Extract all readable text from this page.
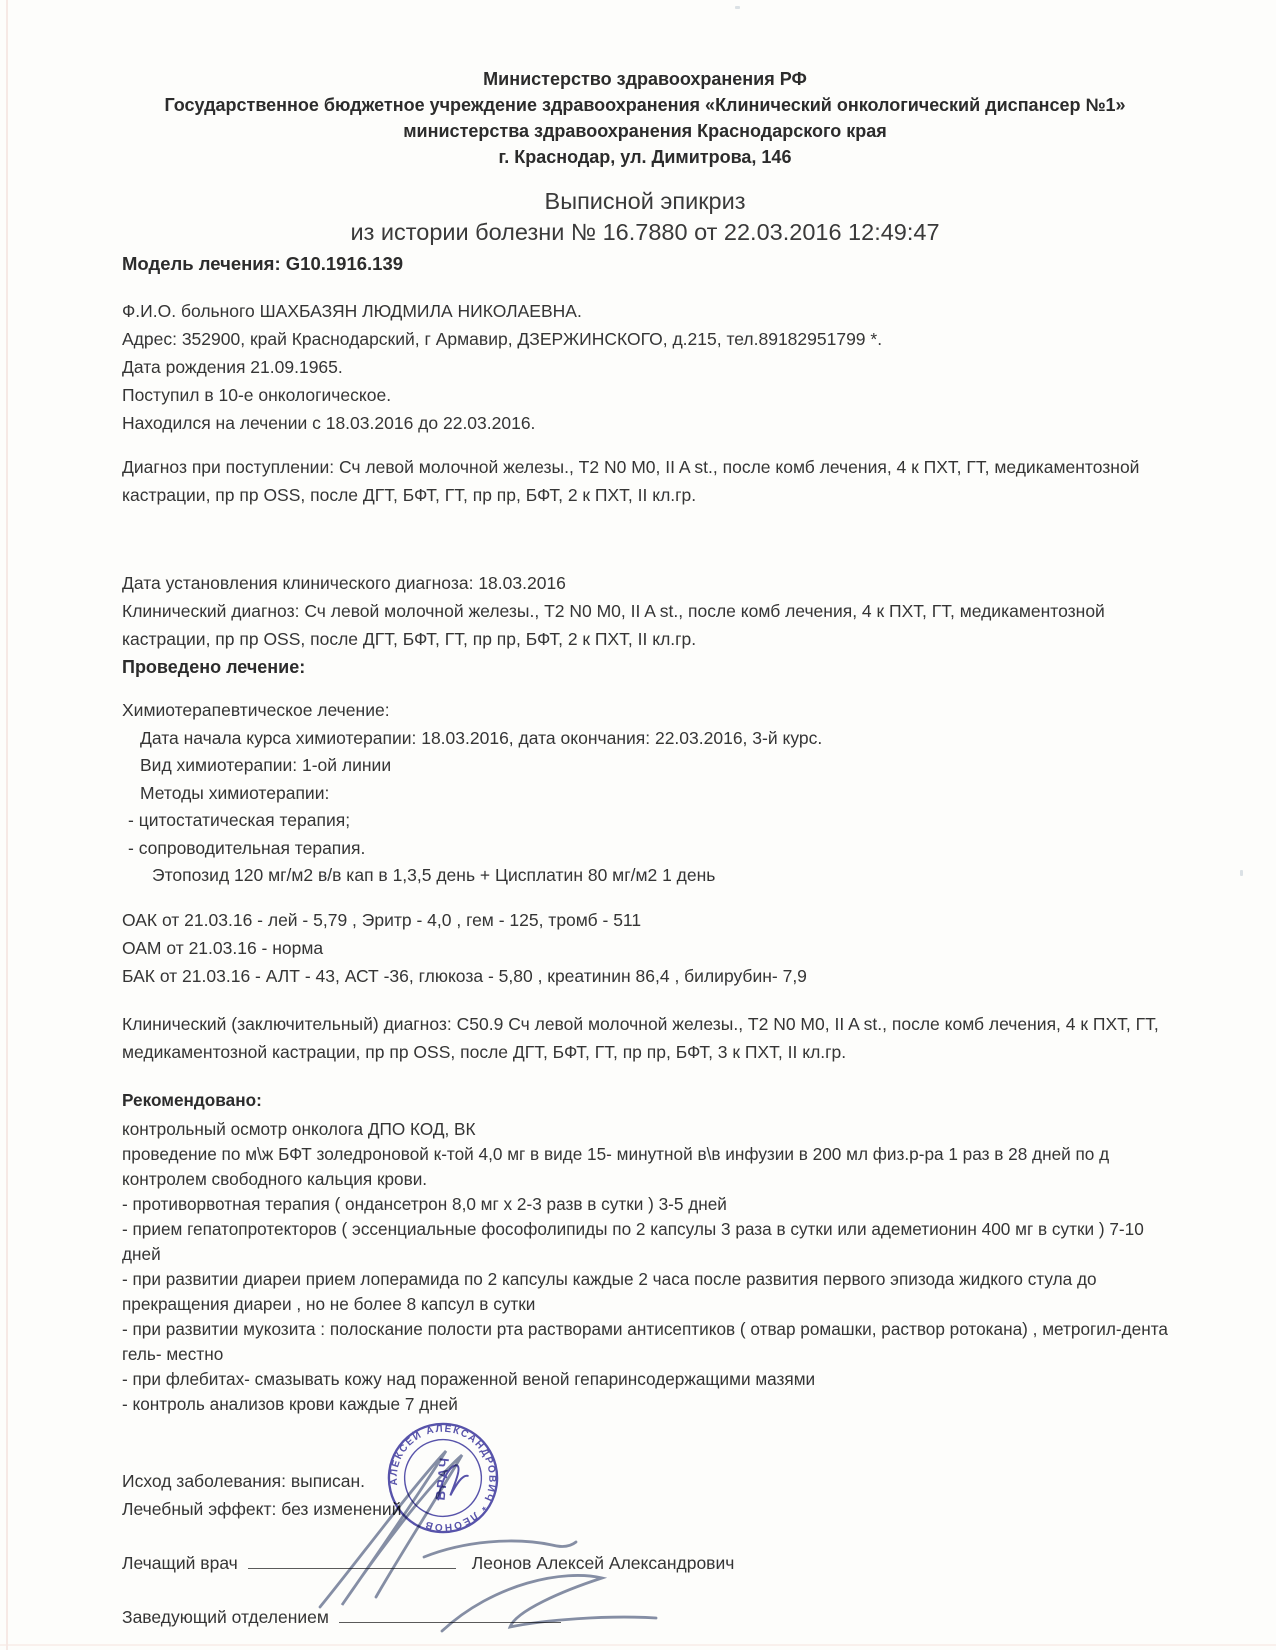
Министерство здравоохранения РФ

Государственное бюджетное учреждение здравоохранения «Клинический онкологический диспансер №1» министерства здравоохранения Краснодарского края

г. Краснодар, ул. Димитрова, 146

Выписной эпикриз

из истории болезни № 16.7880 от 22.03.2016 12:49:47

Модель лечения: G10.1916.139

Ф.И.О. больного ШАХБАЗЯН ЛЮДМИЛА НИКОЛАЕВНА.

Адрес: 352900, край Краснодарский, г Армавир, ДЗЕРЖИНСКОГО, д.215, тел.89182951799 *.

Дата рождения 21.09.1965.

Поступил в 10-е онкологическое.

Находился на лечении с 18.03.2016 до 22.03.2016.

Диагноз при поступлении: Сч левой молочной железы., T2 N0 M0, II A st., после комб лечения, 4 к ПХТ, ГТ, медикаментозной кастрации, пр пр OSS, после ДГТ, БФТ, ГТ, пр пр, БФТ, 2 к ПХТ, II кл.гр.

Дата установления клинического диагноза: 18.03.2016

Клинический диагноз: Сч левой молочной железы., T2 N0 M0, II A st., после комб лечения, 4 к ПХТ, ГТ, медикаментозной кастрации, пр пр OSS, после ДГТ, БФТ, ГТ, пр пр, БФТ, 2 к ПХТ, II кл.гр.

Проведено лечение:

Химиотерапевтическое лечение:

Дата начала курса химиотерапии: 18.03.2016, дата окончания: 22.03.2016, 3-й курс.

Вид химиотерапии: 1-ой линии

Методы химиотерапии:

- цитостатическая терапия;

- сопроводительная терапия.

Этопозид 120 мг/м2 в/в кап в 1,3,5 день + Цисплатин 80 мг/м2 1 день

ОАК от 21.03.16 - лей - 5,79 , Эритр - 4,0 , гем - 125, тромб - 511

ОАМ от 21.03.16 - норма

БАК от 21.03.16 - АЛТ - 43, АСТ -36, глюкоза - 5,80 , креатинин 86,4 , билирубин- 7,9

Клинический (заключительный) диагноз: C50.9 Сч левой молочной железы., T2 N0 M0, II A st., после комб лечения, 4 к ПХТ, ГТ, медикаментозной кастрации, пр пр OSS, после ДГТ, БФТ, ГТ, пр пр, БФТ, 3 к ПХТ, II кл.гр.

Рекомендовано:

контрольный осмотр онколога ДПО КОД, ВК

проведение по м\ж БФТ золедроновой к-той 4,0 мг в виде 15- минутной в\в инфузии в 200 мл физ.р-ра 1 раз в 28 дней по д контролем свободного кальция крови.

- противорвотная терапия ( ондансетрон 8,0 мг х 2-3 разв в сутки ) 3-5 дней

- прием гепатопротекторов ( эссенциальные фософолипиды по 2 капсулы 3 раза в сутки или адеметионин 400 мг в сутки ) 7-10 дней

- при развитии диареи прием лоперамида по 2 капсулы каждые 2 часа после развития первого эпизода жидкого стула до прекращения диареи , но не более 8 капсул в сутки

- при развитии мукозита : полоскание полости рта растворами антисептиков ( отвар ромашки, раствор ротокана) , метрогил-дента гель- местно

- при флебитах- смазывать кожу над пораженной веной гепаринсодержащими мазями

- контроль анализов крови каждые 7 дней

Исход заболевания: выписан.

Лечебный эффект: без изменений

Лечащий врач	Леонов Алексей Александрович
Заведующий отделением
АЛЕКСЕЙ АЛЕКСАНДРОВИЧ * ЛЕОНОВ
ВРАЧ
